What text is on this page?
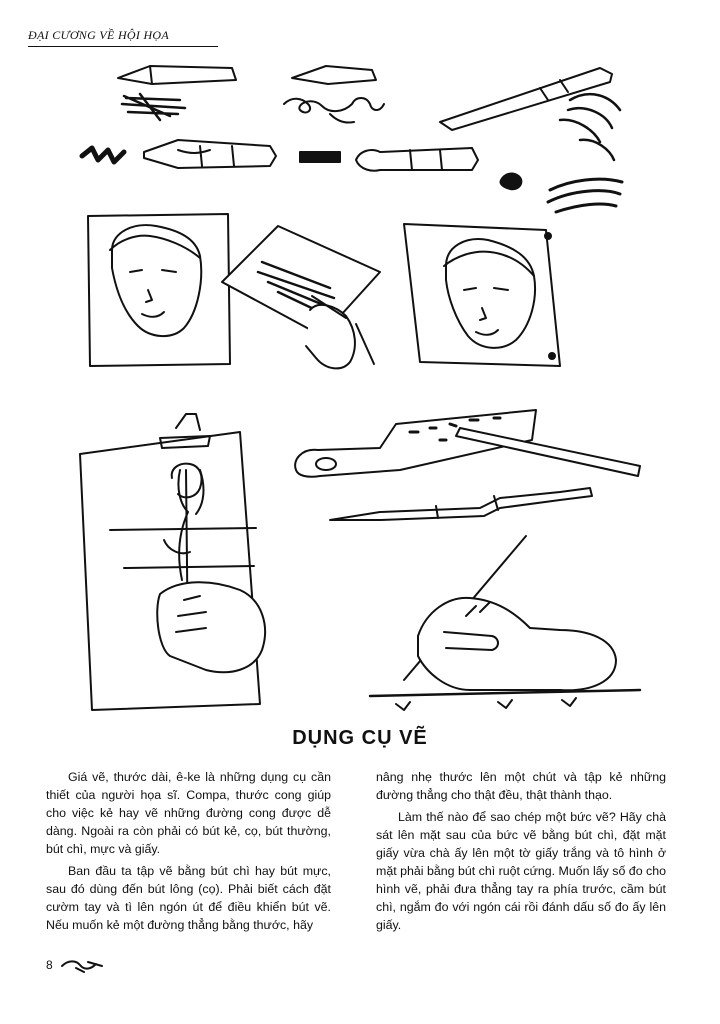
ĐẠI CƯƠNG VỀ HỘI HỌA
DỤNG CỤ VẼ

Giá vẽ, thước dài, ê-ke là những dụng cụ cần thiết của người họa sĩ. Compa, thước cong giúp cho việc kẻ hay vẽ những đường cong được dễ dàng. Ngoài ra còn phải có bút kẻ, cọ, bút thường, bút chì, mực và giấy.

Ban đầu ta tập vẽ bằng bút chì hay bút mực, sau đó dùng đến bút lông (cọ). Phải biết cách đặt cườm tay và tì lên ngón út để điều khiển bút vẽ. Nếu muốn kẻ một đường thẳng bằng thước, hãy

nâng nhẹ thước lên một chút và tập kẻ những đường thẳng cho thật đều, thật thành thạo.

Làm thế nào để sao chép một bức vẽ? Hãy chà sát lên mặt sau của bức vẽ bằng bút chì, đặt mặt giấy vừa chà ấy lên một tờ giấy trắng và tô hình ở mặt phải bằng bút chì ruột cứng. Muốn lấy số đo cho hình vẽ, phải đưa thẳng tay ra phía trước, cầm bút chì, ngắm đo với ngón cái rồi đánh dấu số đo ấy lên giấy.

8
